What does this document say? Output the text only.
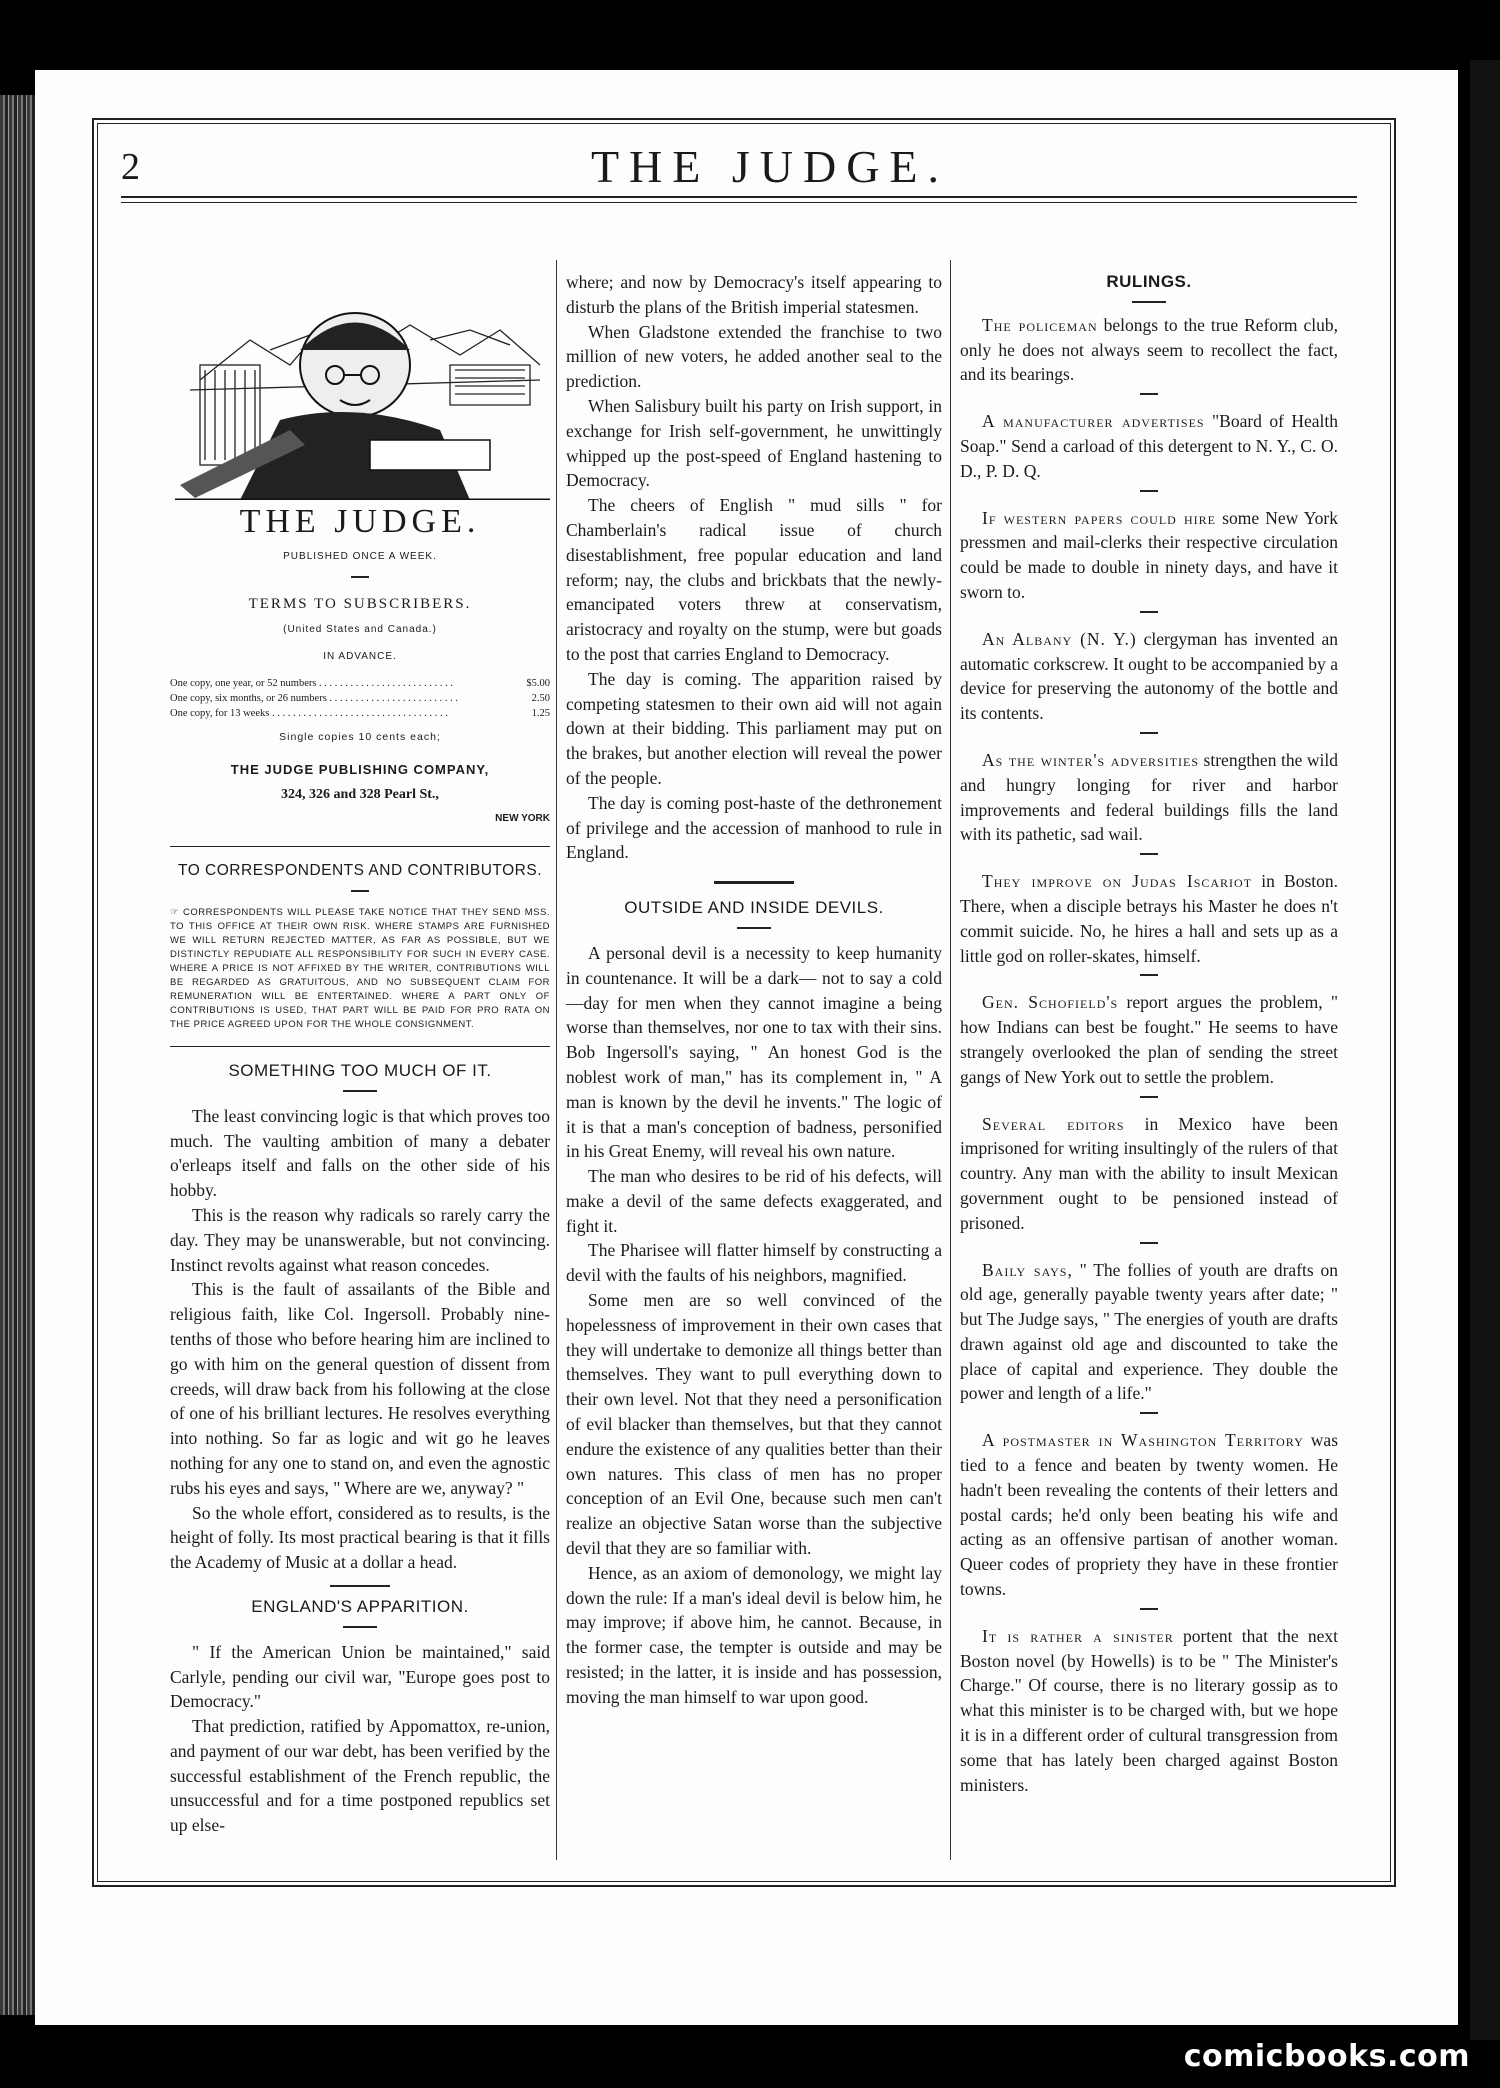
2	THE JUDGE.
THE JUDGE.
PUBLISHED ONCE A WEEK.
TERMS TO SUBSCRIBERS.
(United States and Canada.)
IN ADVANCE.
One copy, one year, or 52 numbers . . . . . . . . . . . . . . . . . . . . . . . . . .	$5.00
One copy, six months, or 26 numbers . . . . . . . . . . . . . . . . . . . . . . . . .	2.50
One copy, for 13 weeks . . . . . . . . . . . . . . . . . . . . . . . . . . . . . . . . . .	1.25
Single copies 10 cents each;
THE JUDGE PUBLISHING COMPANY,
324, 326 and 328 Pearl St.,
NEW YORK
TO CORRESPONDENTS AND CONTRIBUTORS.
☞ CORRESPONDENTS WILL PLEASE TAKE NOTICE THAT THEY SEND MSS. TO THIS OFFICE AT THEIR OWN RISK. WHERE STAMPS ARE FURNISHED WE WILL RETURN REJECTED MATTER, AS FAR AS POSSIBLE, BUT WE DISTINCTLY REPUDIATE ALL RESPONSIBILITY FOR SUCH IN EVERY CASE. WHERE A PRICE IS NOT AFFIXED BY THE WRITER, CONTRIBUTIONS WILL BE REGARDED AS GRATUITOUS, AND NO SUBSEQUENT CLAIM FOR REMUNERATION WILL BE ENTERTAINED. WHERE A PART ONLY OF CONTRIBUTIONS IS USED, THAT PART WILL BE PAID FOR PRO RATA ON THE PRICE AGREED UPON FOR THE WHOLE CONSIGNMENT.
SOMETHING TOO MUCH OF IT.

The least convincing logic is that which proves too much. The vaulting ambition of many a debater o'erleaps itself and falls on the other side of his hobby.

This is the reason why radicals so rarely carry the day. They may be unanswerable, but not convincing. Instinct revolts against what reason concedes.

This is the fault of assailants of the Bible and religious faith, like Col. Ingersoll. Probably nine-tenths of those who before hearing him are inclined to go with him on the general question of dissent from creeds, will draw back from his following at the close of one of his brilliant lectures. He resolves everything into nothing. So far as logic and wit go he leaves nothing for any one to stand on, and even the agnostic rubs his eyes and says, " Where are we, anyway? "

So the whole effort, considered as to results, is the height of folly. Its most practical bearing is that it fills the Academy of Music at a dollar a head.

ENGLAND'S APPARITION.

" If the American Union be maintained," said Carlyle, pending our civil war, "Europe goes post to Democracy."

That prediction, ratified by Appomattox, re-union, and payment of our war debt, has been verified by the successful establishment of the French republic, the unsuccessful and for a time postponed republics set up else-

where; and now by Democracy's itself appearing to disturb the plans of the British imperial statesmen.

When Gladstone extended the franchise to two million of new voters, he added another seal to the prediction.

When Salisbury built his party on Irish support, in exchange for Irish self-government, he unwittingly whipped up the post-speed of England hastening to Democracy.

The cheers of English " mud sills " for Chamberlain's radical issue of church disestablishment, free popular education and land reform; nay, the clubs and brickbats that the newly-emancipated voters threw at conservatism, aristocracy and royalty on the stump, were but goads to the post that carries England to Democracy.

The day is coming. The apparition raised by competing statesmen to their own aid will not again down at their bidding. This parliament may put on the brakes, but another election will reveal the power of the people.

The day is coming post-haste of the dethronement of privilege and the accession of manhood to rule in England.

OUTSIDE AND INSIDE DEVILS.

A personal devil is a necessity to keep humanity in countenance. It will be a dark— not to say a cold—day for men when they cannot imagine a being worse than themselves, nor one to tax with their sins. Bob Ingersoll's saying, " An honest God is the noblest work of man," has its complement in, " A man is known by the devil he invents." The logic of it is that a man's conception of badness, personified in his Great Enemy, will reveal his own nature.

The man who desires to be rid of his defects, will make a devil of the same defects exaggerated, and fight it.

The Pharisee will flatter himself by constructing a devil with the faults of his neighbors, magnified.

Some men are so well convinced of the hopelessness of improvement in their own cases that they will undertake to demonize all things better than themselves. They want to pull everything down to their own level. Not that they need a personification of evil blacker than themselves, but that they cannot endure the existence of any qualities better than their own natures. This class of men has no proper conception of an Evil One, because such men can't realize an objective Satan worse than the subjective devil that they are so familiar with.

Hence, as an axiom of demonology, we might lay down the rule: If a man's ideal devil is below him, he may improve; if above him, he cannot. Because, in the former case, the tempter is outside and may be resisted; in the latter, it is inside and has possession, moving the man himself to war upon good.

RULINGS.

The policeman belongs to the true Reform club, only he does not always seem to recollect the fact, and its bearings.

A manufacturer advertises "Board of Health Soap." Send a carload of this detergent to N. Y., C. O. D., P. D. Q.

If western papers could hire some New York pressmen and mail-clerks their respective circulation could be made to double in ninety days, and have it sworn to.

An Albany (N. Y.) clergyman has invented an automatic corkscrew. It ought to be accompanied by a device for preserving the autonomy of the bottle and its contents.

As the winter's adversities strengthen the wild and hungry longing for river and harbor improvements and federal buildings fills the land with its pathetic, sad wail.

They improve on Judas Iscariot in Boston. There, when a disciple betrays his Master he does n't commit suicide. No, he hires a hall and sets up as a little god on roller-skates, himself.

Gen. Schofield's report argues the problem, " how Indians can best be fought." He seems to have strangely overlooked the plan of sending the street gangs of New York out to settle the problem.

Several editors in Mexico have been imprisoned for writing insultingly of the rulers of that country. Any man with the ability to insult Mexican government ought to be pensioned instead of prisoned.

Baily says, " The follies of youth are drafts on old age, generally payable twenty years after date; " but The Judge says, " The energies of youth are drafts drawn against old age and discounted to take the place of capital and experience. They double the power and length of a life."

A postmaster in Washington Territory was tied to a fence and beaten by twenty women. He hadn't been revealing the contents of their letters and postal cards; he'd only been beating his wife and acting as an offensive partisan of another woman. Queer codes of propriety they have in these frontier towns.

It is rather a sinister portent that the next Boston novel (by Howells) is to be " The Minister's Charge." Of course, there is no literary gossip as to what this minister is to be charged with, but we hope it is in a different order of cultural transgression from some that has lately been charged against Boston ministers.

comicbooks.com
